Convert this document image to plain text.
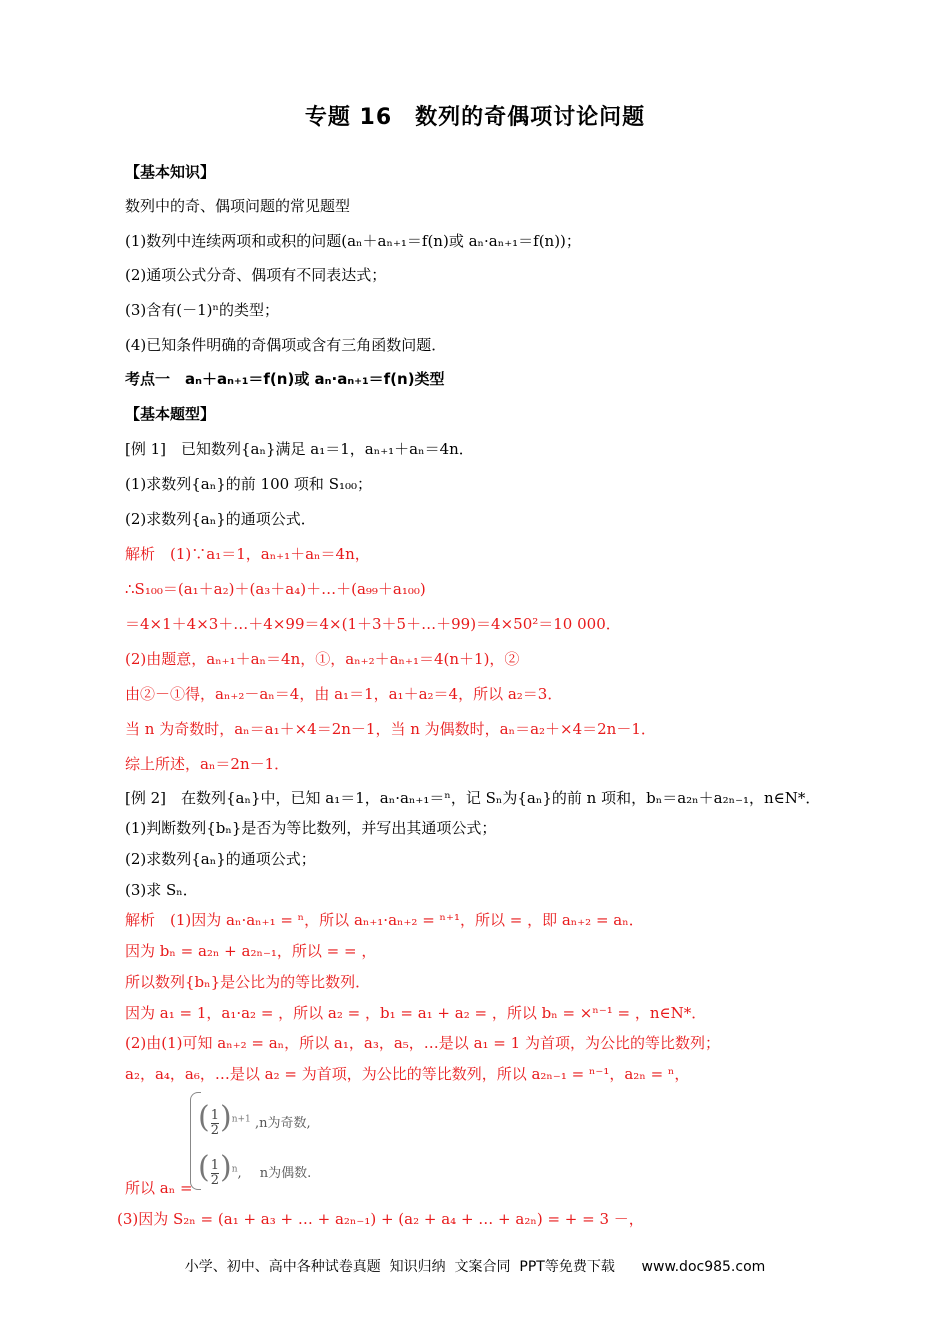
专题 16　数列的奇偶项讨论问题
【基本知识】
数列中的奇、偶项问题的常见题型
(1)数列中连续两项和或积的问题(aₙ＋aₙ₊₁＝f(n)或 aₙ·aₙ₊₁＝f(n))；
(2)通项公式分奇、偶项有不同表达式；
(3)含有(－1)ⁿ的类型；
(4)已知条件明确的奇偶项或含有三角函数问题．
考点一　aₙ＋aₙ₊₁＝f(n)或 aₙ·aₙ₊₁＝f(n)类型
【基本题型】
[例 1]　已知数列{aₙ}满足 a₁＝1，aₙ₊₁＋aₙ＝4n．
(1)求数列{aₙ}的前 100 项和 S₁₀₀；
(2)求数列{aₙ}的通项公式．
解析　(1)∵a₁＝1，aₙ₊₁＋aₙ＝4n，
∴S₁₀₀＝(a₁＋a₂)＋(a₃＋a₄)＋…＋(a₉₉＋a₁₀₀)
＝4×1＋4×3＋…＋4×99＝4×(1＋3＋5＋…＋99)＝4×50²＝10 000．
(2)由题意，aₙ₊₁＋aₙ＝4n，①，aₙ₊₂＋aₙ₊₁＝4(n＋1)，②
由②－①得，aₙ₊₂－aₙ＝4，由 a₁＝1，a₁＋a₂＝4，所以 a₂＝3．
当 n 为奇数时，aₙ＝a₁＋×4＝2n－1，当 n 为偶数时，aₙ＝a₂＋×4＝2n－1．
综上所述，aₙ＝2n－1．
[例 2]　在数列{aₙ}中，已知 a₁＝1，aₙ·aₙ₊₁＝ⁿ，记 Sₙ为{aₙ}的前 n 项和，bₙ＝a₂ₙ＋a₂ₙ₋₁，n∈N*．
(1)判断数列{bₙ}是否为等比数列，并写出其通项公式；
(2)求数列{aₙ}的通项公式；
(3)求 Sₙ．
解析　(1)因为 aₙ·aₙ₊₁ = ⁿ，所以 aₙ₊₁·aₙ₊₂ = ⁿ⁺¹，所以 = ，即 aₙ₊₂ = aₙ．
因为 bₙ = a₂ₙ + a₂ₙ₋₁，所以 = = ，
所以数列{bₙ}是公比为的等比数列．
因为 a₁ = 1，a₁·a₂ = ，所以 a₂ = ，b₁ = a₁ + a₂ = ，所以 bₙ = ×ⁿ⁻¹ = ，n∈N*．
(2)由(1)可知 aₙ₊₂ = aₙ，所以 a₁，a₃，a₅，…是以 a₁ = 1 为首项，为公比的等比数列；
a₂，a₄，a₆，…是以 a₂ = 为首项，为公比的等比数列，所以 a₂ₙ₋₁ = ⁿ⁻¹，a₂ₙ = ⁿ，
所以 aₙ =
(3)因为 S₂ₙ = (a₁ + a₃ + … + a₂ₙ₋₁) + (a₂ + a₄ + … + a₂ₙ) = + = 3 －，
( $\frac{1}{2} )^{n+1}$ ,n为奇数,
( $\frac{1}{2} )^n$, n为偶数.
小学、初中、高中各种试卷真题  知识归纳  文案合同  PPT等免费下载      www.doc985.com
